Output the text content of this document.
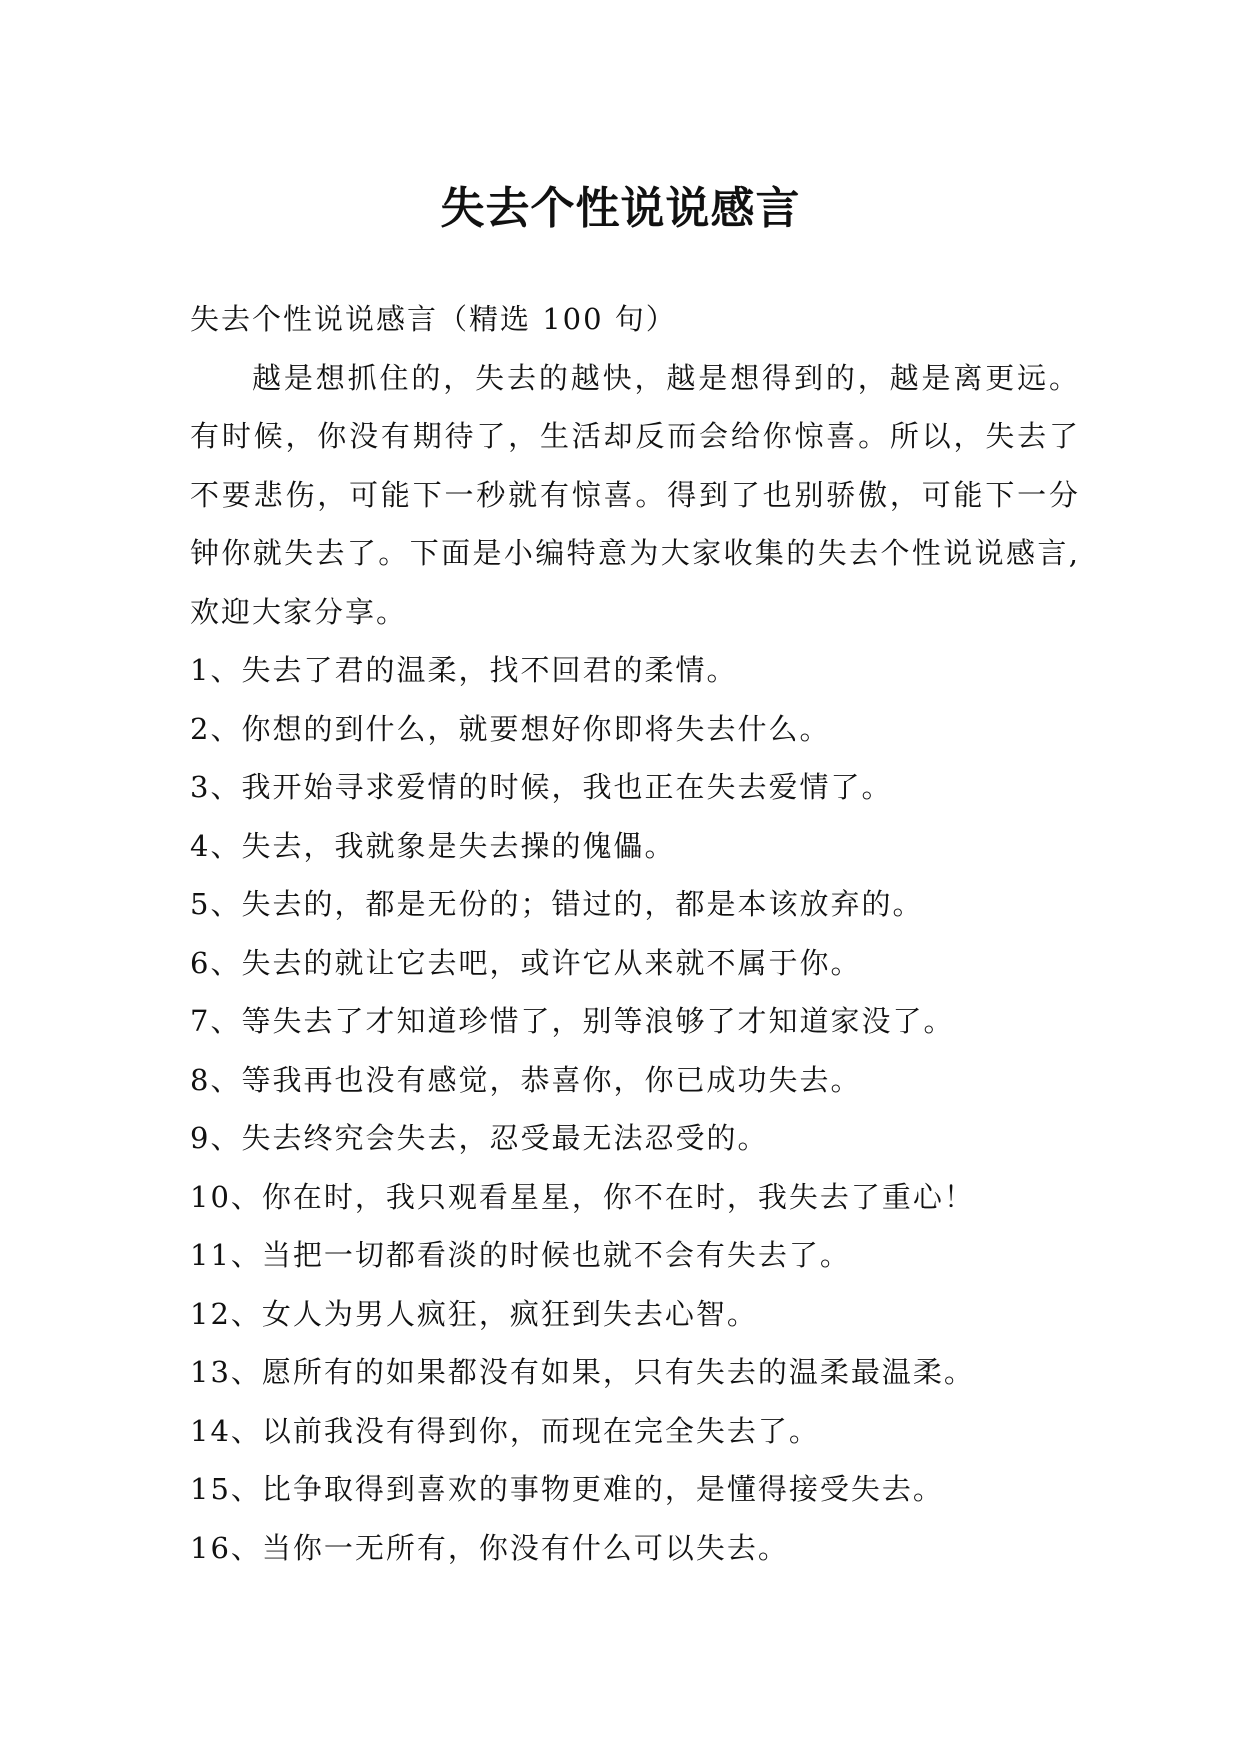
失去个性说说感言

失去个性说说感言（精选 100 句）

越是想抓住的，失去的越快，越是想得到的，越是离更远。有时候，你没有期待了，生活却反而会给你惊喜。所以，失去了不要悲伤，可能下一秒就有惊喜。得到了也别骄傲，可能下一分钟你就失去了。下面是小编特意为大家收集的失去个性说说感言,欢迎大家分享。

1、失去了君的温柔，找不回君的柔情。
2、你想的到什么，就要想好你即将失去什么。
3、我开始寻求爱情的时候，我也正在失去爱情了。
4、失去，我就象是失去操的傀儡。
5、失去的，都是无份的；错过的，都是本该放弃的。
6、失去的就让它去吧，或许它从来就不属于你。
7、等失去了才知道珍惜了，别等浪够了才知道家没了。
8、等我再也没有感觉，恭喜你，你已成功失去。
9、失去终究会失去，忍受最无法忍受的。
10、你在时，我只观看星星，你不在时，我失去了重心！
11、当把一切都看淡的时候也就不会有失去了。
12、女人为男人疯狂，疯狂到失去心智。
13、愿所有的如果都没有如果，只有失去的温柔最温柔。
14、以前我没有得到你，而现在完全失去了。
15、比争取得到喜欢的事物更难的，是懂得接受失去。
16、当你一无所有，你没有什么可以失去。
